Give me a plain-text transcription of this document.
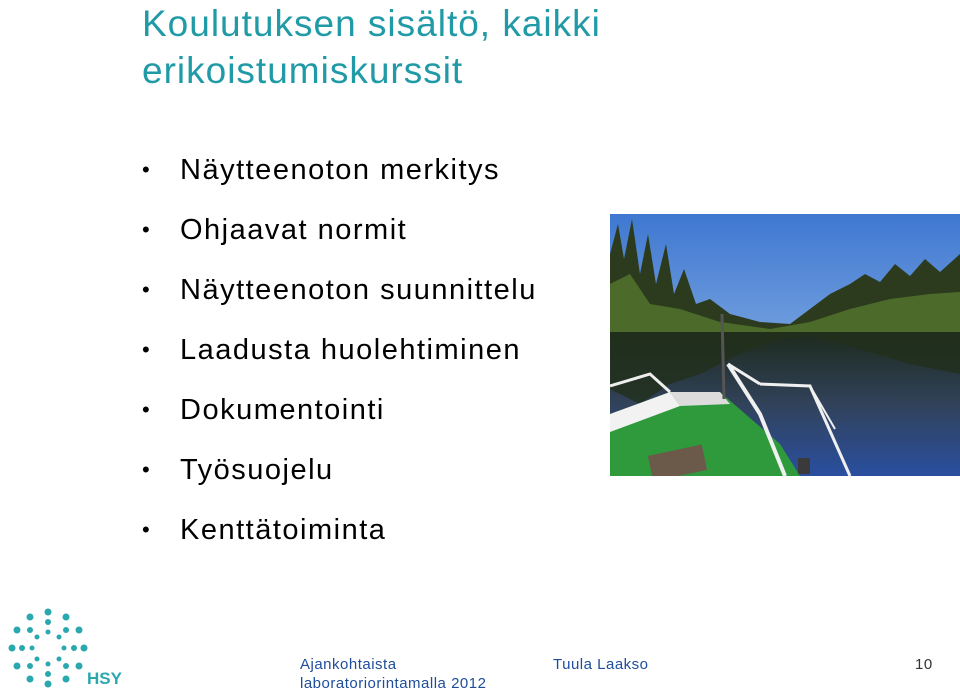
Koulutuksen sisältö, kaikki
erikoistumiskurssit
• Näytteenoton merkitys
• Ohjaavat normit
• Näytteenoton suunnittelu
• Laadusta huolehtiminen
• Dokumentointi
• Työsuojelu
• Kenttätoiminta
HSY
Ajankohtaista
laboratoriorintamalla 2012
Tuula Laakso	10
